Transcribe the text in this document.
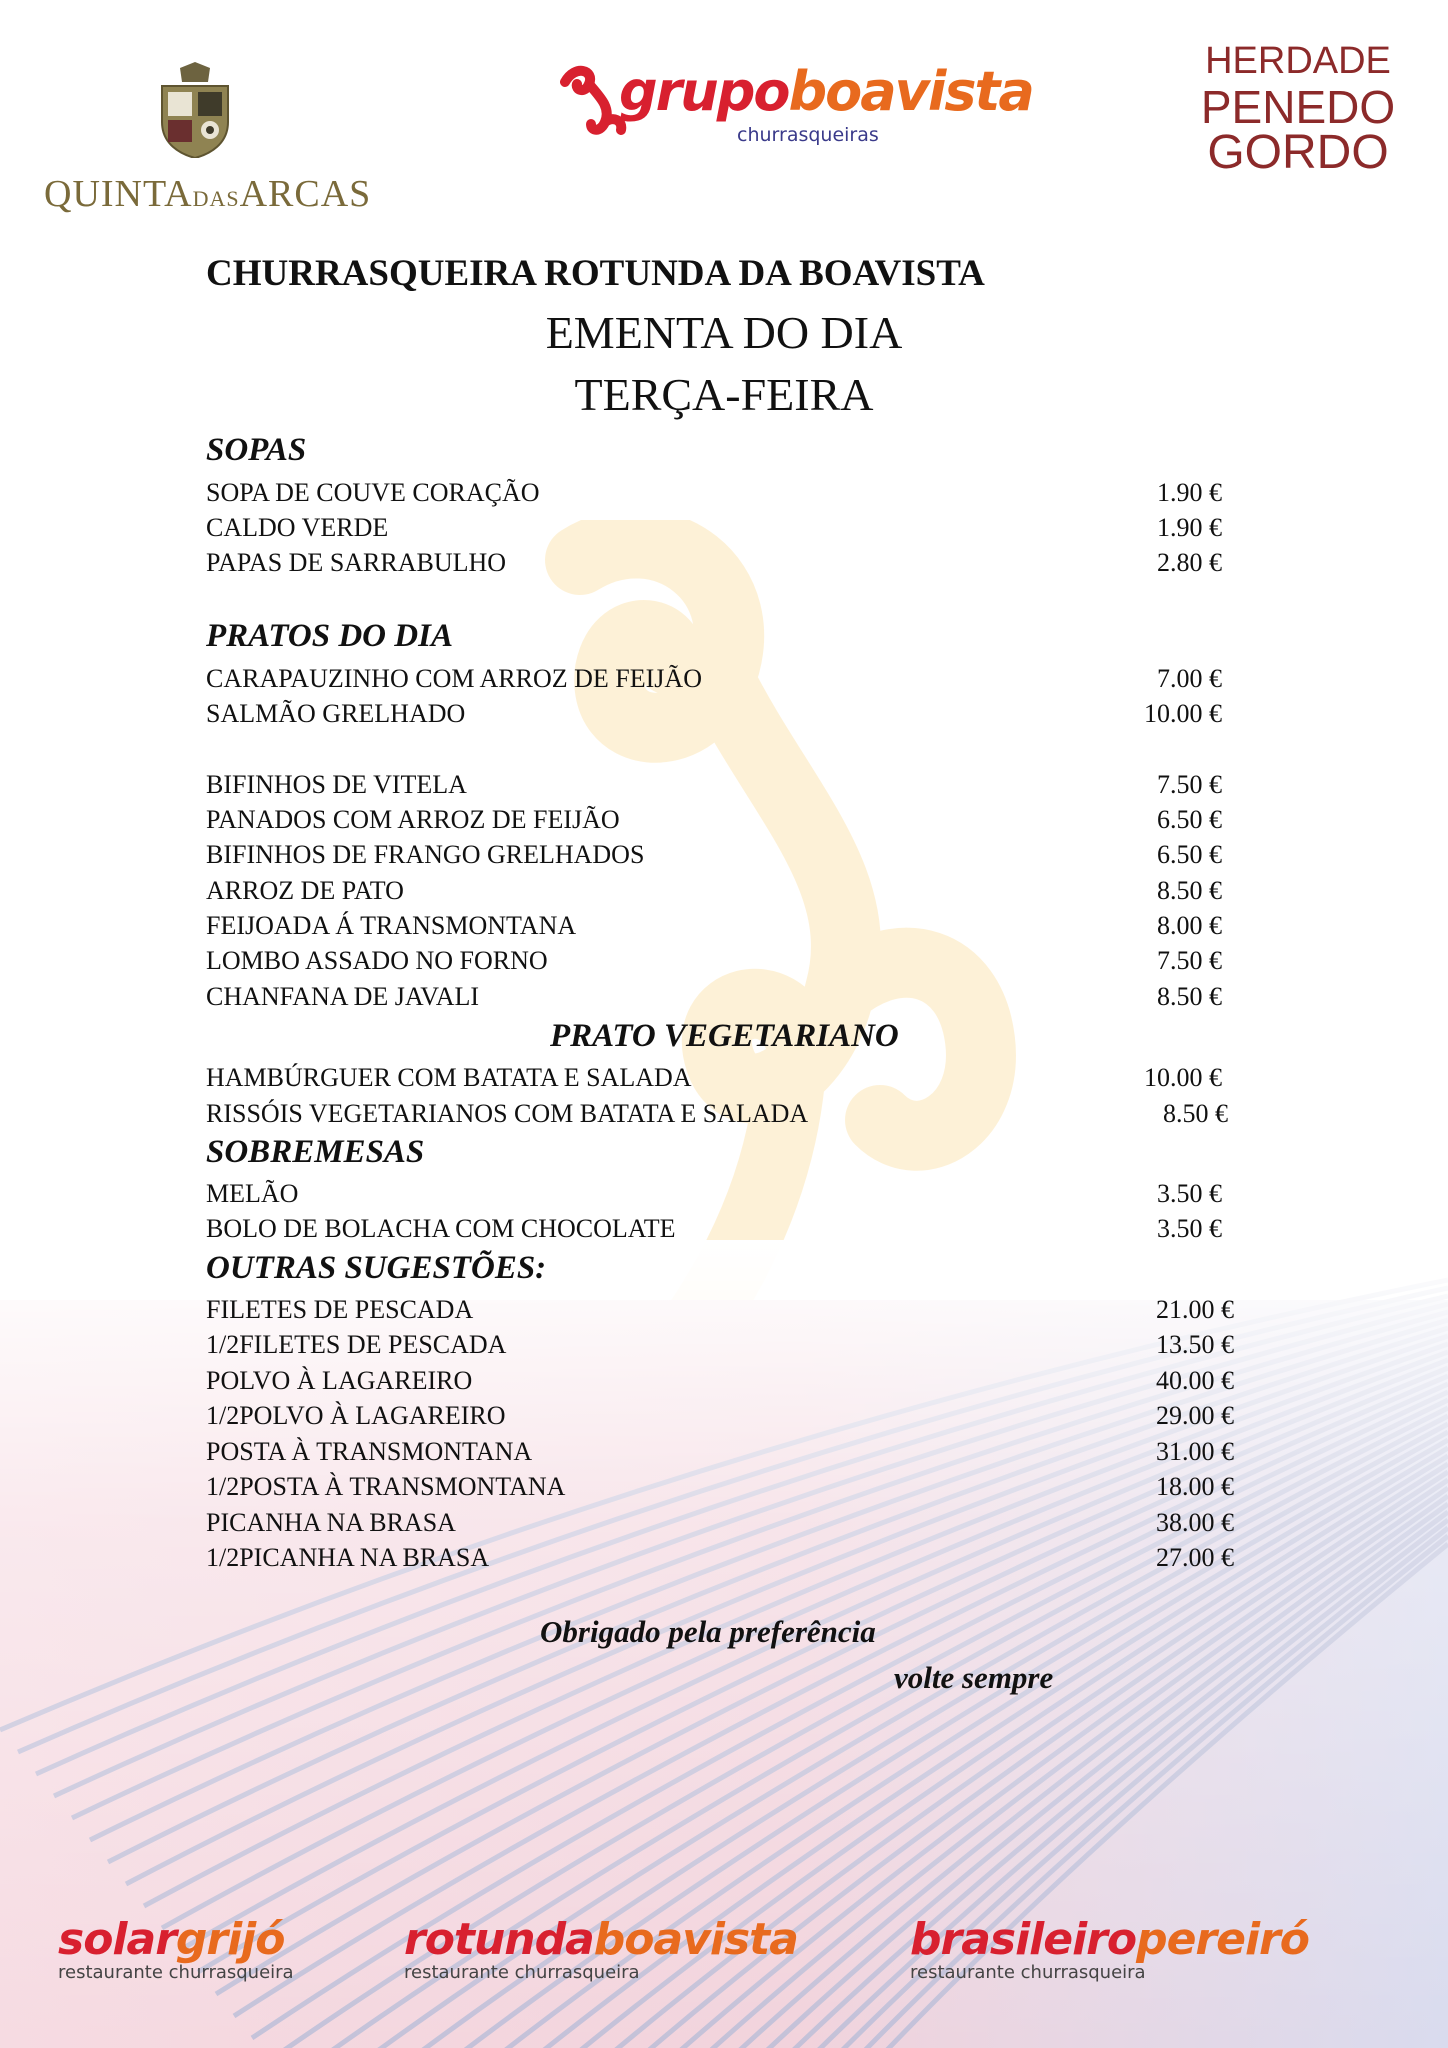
QUINTADASARCAS
grupoboavista
churrasqueiras
HERDADE
PENEDO
GORDO
CHURRASQUEIRA ROTUNDA DA BOAVISTA
EMENTA DO DIA
TERÇA-FEIRA
SOPAS
SOPA DE COUVE CORAÇÃO	1.90 €
CALDO VERDE	1.90 €
PAPAS DE SARRABULHO	2.80 €
PRATOS DO DIA
CARAPAUZINHO COM ARROZ DE FEIJÃO	7.00 €
SALMÃO GRELHADO	10.00 €
BIFINHOS DE VITELA	7.50 €
PANADOS COM ARROZ DE FEIJÃO	6.50 €
BIFINHOS DE FRANGO GRELHADOS	6.50 €
ARROZ DE PATO	8.50 €
FEIJOADA Á TRANSMONTANA	8.00 €
LOMBO ASSADO NO FORNO	7.50 €
CHANFANA DE JAVALI	8.50 €
PRATO VEGETARIANO
HAMBÚRGUER COM BATATA E SALADA	10.00 €
RISSÓIS VEGETARIANOS COM BATATA E SALADA	8.50 €
SOBREMESAS
MELÃO	3.50 €
BOLO DE BOLACHA COM CHOCOLATE	3.50 €
OUTRAS SUGESTÕES:
FILETES DE PESCADA	21.00 €
1/2FILETES DE PESCADA	13.50 €
POLVO À LAGAREIRO	40.00 €
1/2POLVO À LAGAREIRO	29.00 €
POSTA À TRANSMONTANA	31.00 €
1/2POSTA À TRANSMONTANA	18.00 €
PICANHA NA BRASA	38.00 €
1/2PICANHA NA BRASA	27.00 €
Obrigado pela preferência
volte sempre
solargrijó
restaurante churrasqueira
rotundaboavista
restaurante churrasqueira
brasileiropereiró
restaurante churrasqueira
